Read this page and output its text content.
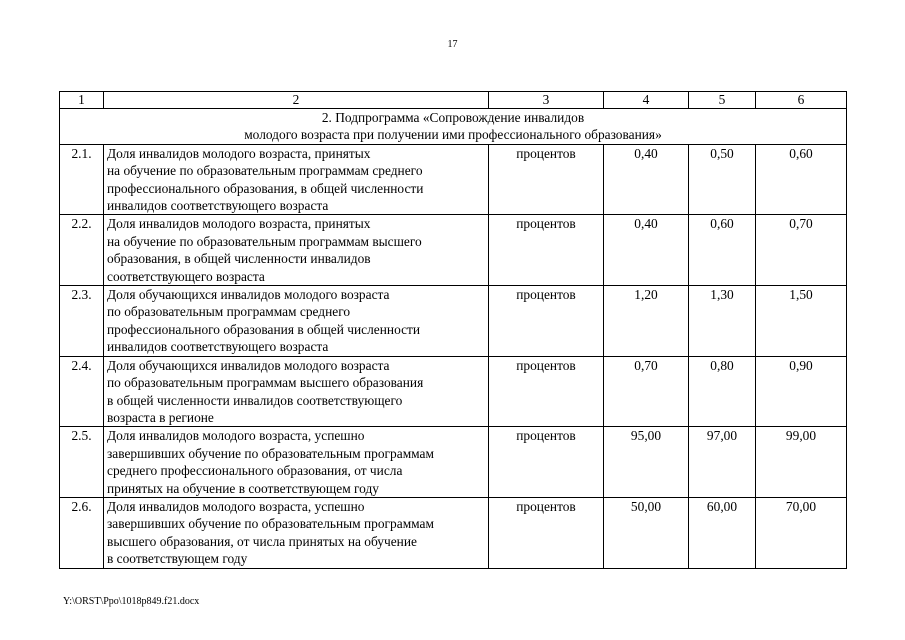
17
1	2	3	4	5	6

2. Подпрограмма «Сопровождение инвалидов
молодого возраста при получении ими профессионального образования»					

2.1.	Доля инвалидов молодого возраста, принятых
на обучение по образовательным программам среднего
профессионального образования, в общей численности
инвалидов соответствующего возраста	процентов	0,40	0,50	0,60
2.2.	Доля инвалидов молодого возраста, принятых
на обучение по образовательным программам высшего
образования, в общей численности инвалидов
соответствующего возраста	процентов	0,40	0,60	0,70
2.3.	Доля обучающихся инвалидов молодого возраста
по образовательным программам среднего
профессионального образования в общей численности
инвалидов соответствующего возраста	процентов	1,20	1,30	1,50
2.4.	Доля обучающихся инвалидов молодого возраста
по образовательным программам высшего образования
в общей численности инвалидов соответствующего
возраста в регионе	процентов	0,70	0,80	0,90
2.5.	Доля инвалидов молодого возраста, успешно
завершивших обучение по образовательным программам
среднего профессионального образования, от числа
принятых на обучение в соответствующем году	процентов	95,00	97,00	99,00
2.6.	Доля инвалидов молодого возраста, успешно
завершивших обучение по образовательным программам
высшего образования, от числа принятых на обучение
в соответствующем году	процентов	50,00	60,00	70,00
Y:\ORST\Ppo\1018p849.f21.docx
